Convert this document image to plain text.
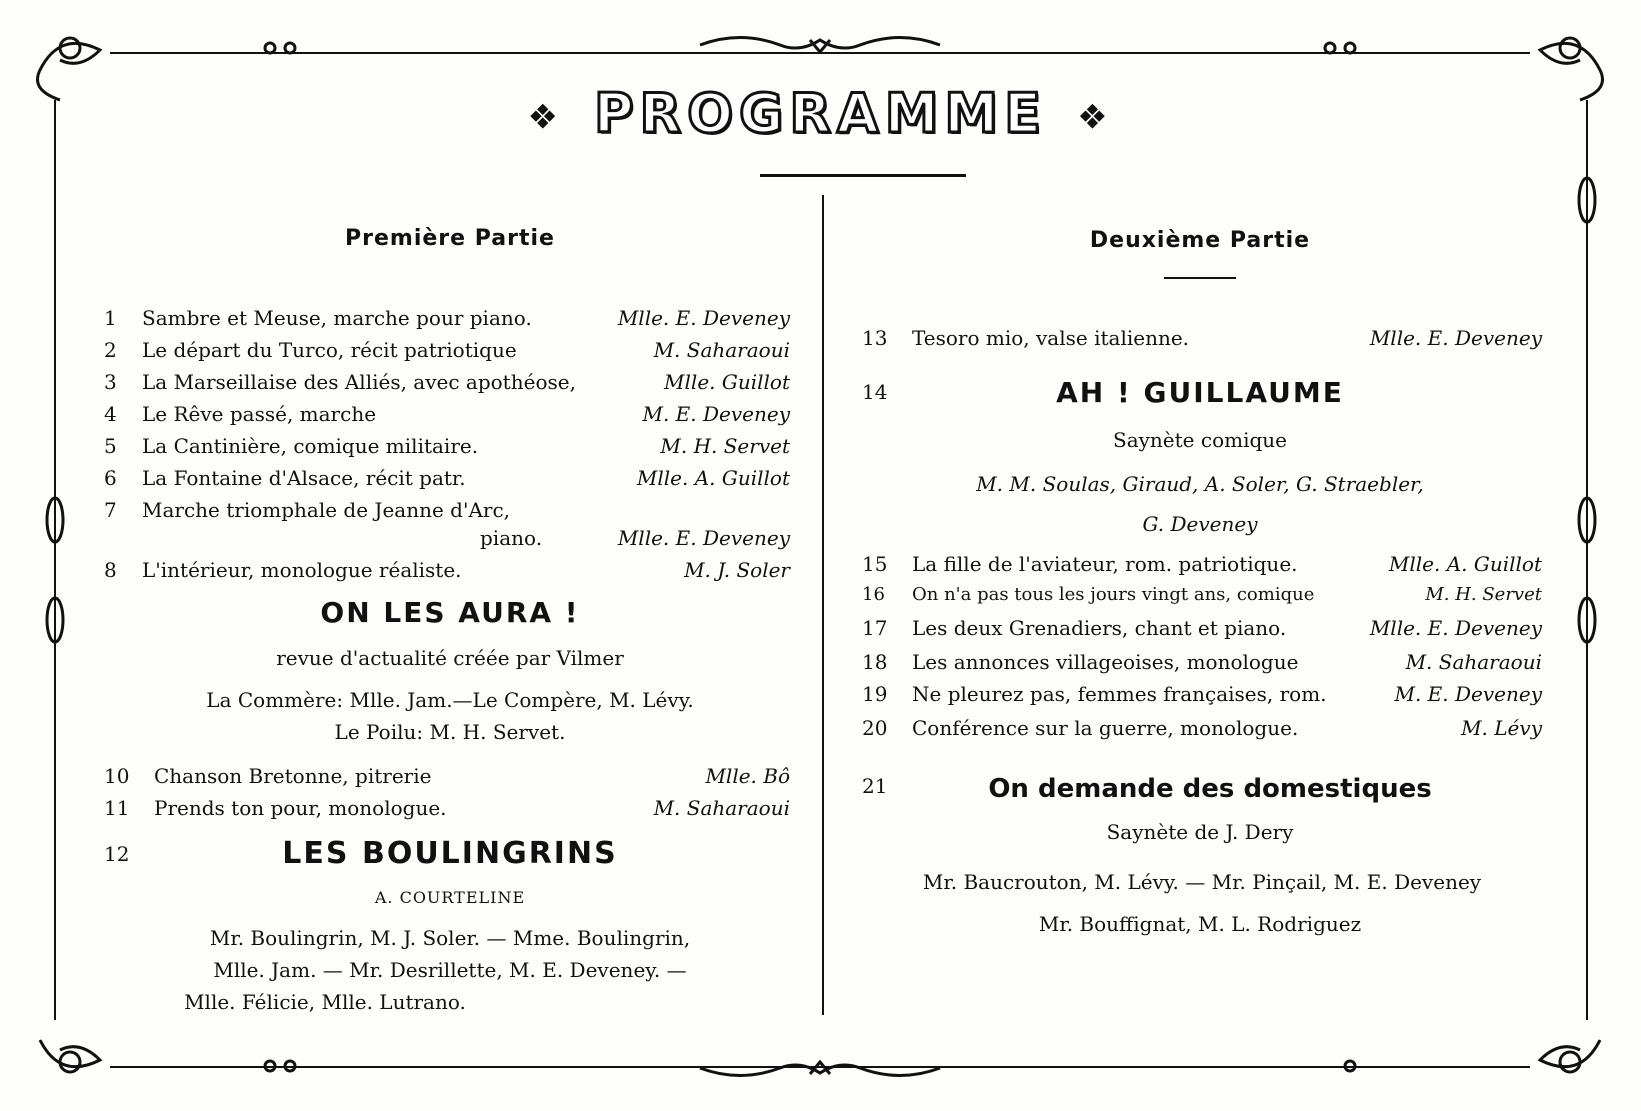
❖ PROGRAMME ❖
Première Partie
1	Sambre et Meuse, marche pour piano.	Mlle. E. Deveney
2	Le départ du Turco, récit patriotique	M. Saharaoui
3	La Marseillaise des Alliés, avec apothéose,	Mlle. Guillot
4	Le Rêve passé, marche	M. E. Deveney
5	La Cantinière, comique militaire.	M. H. Servet
6	La Fontaine d'Alsace, récit patr.	Mlle. A. Guillot
7	Marche triomphale de Jeanne d'Arc,
piano.	Mlle. E. Deveney
8	L'intérieur, monologue réaliste.	M. J. Soler
ON LES AURA !
revue d'actualité créée par Vilmer
La Commère: Mlle. Jam.—Le Compère, M. Lévy.
Le Poilu: M. H. Servet.
10 Chanson Bretonne, pitrerie	Mlle. Bô
11 Prends ton pour, monologue.	M. Saharaoui
12	LES BOULINGRINS
A. COURTELINE
Mr. Boulingrin, M. J. Soler. — Mme. Boulingrin,
Mlle. Jam. — Mr. Desrillette, M. E. Deveney. —
Mlle. Félicie, Mlle. Lutrano.
Deuxième Partie
13 Tesoro mio, valse italienne.	Mlle. E. Deveney
14	AH ! GUILLAUME
Saynète comique
M. M. Soulas, Giraud, A. Soler, G. Straebler,
G. Deveney
15 La fille de l'aviateur, rom. patriotique.	Mlle. A. Guillot
16	On n'a pas tous les jours vingt ans, comique	M. H. Servet
17 Les deux Grenadiers, chant et piano.	Mlle. E. Deveney
18 Les annonces villageoises, monologue	M. Saharaoui
19 Ne pleurez pas, femmes françaises, rom.	M. E. Deveney
20 Conférence sur la guerre, monologue.	M. Lévy
21	On demande des domestiques
Saynète de J. Dery
Mr. Baucrouton, M. Lévy. — Mr. Pinçail, M. E. Deveney
Mr. Bouffignat, M. L. Rodriguez
